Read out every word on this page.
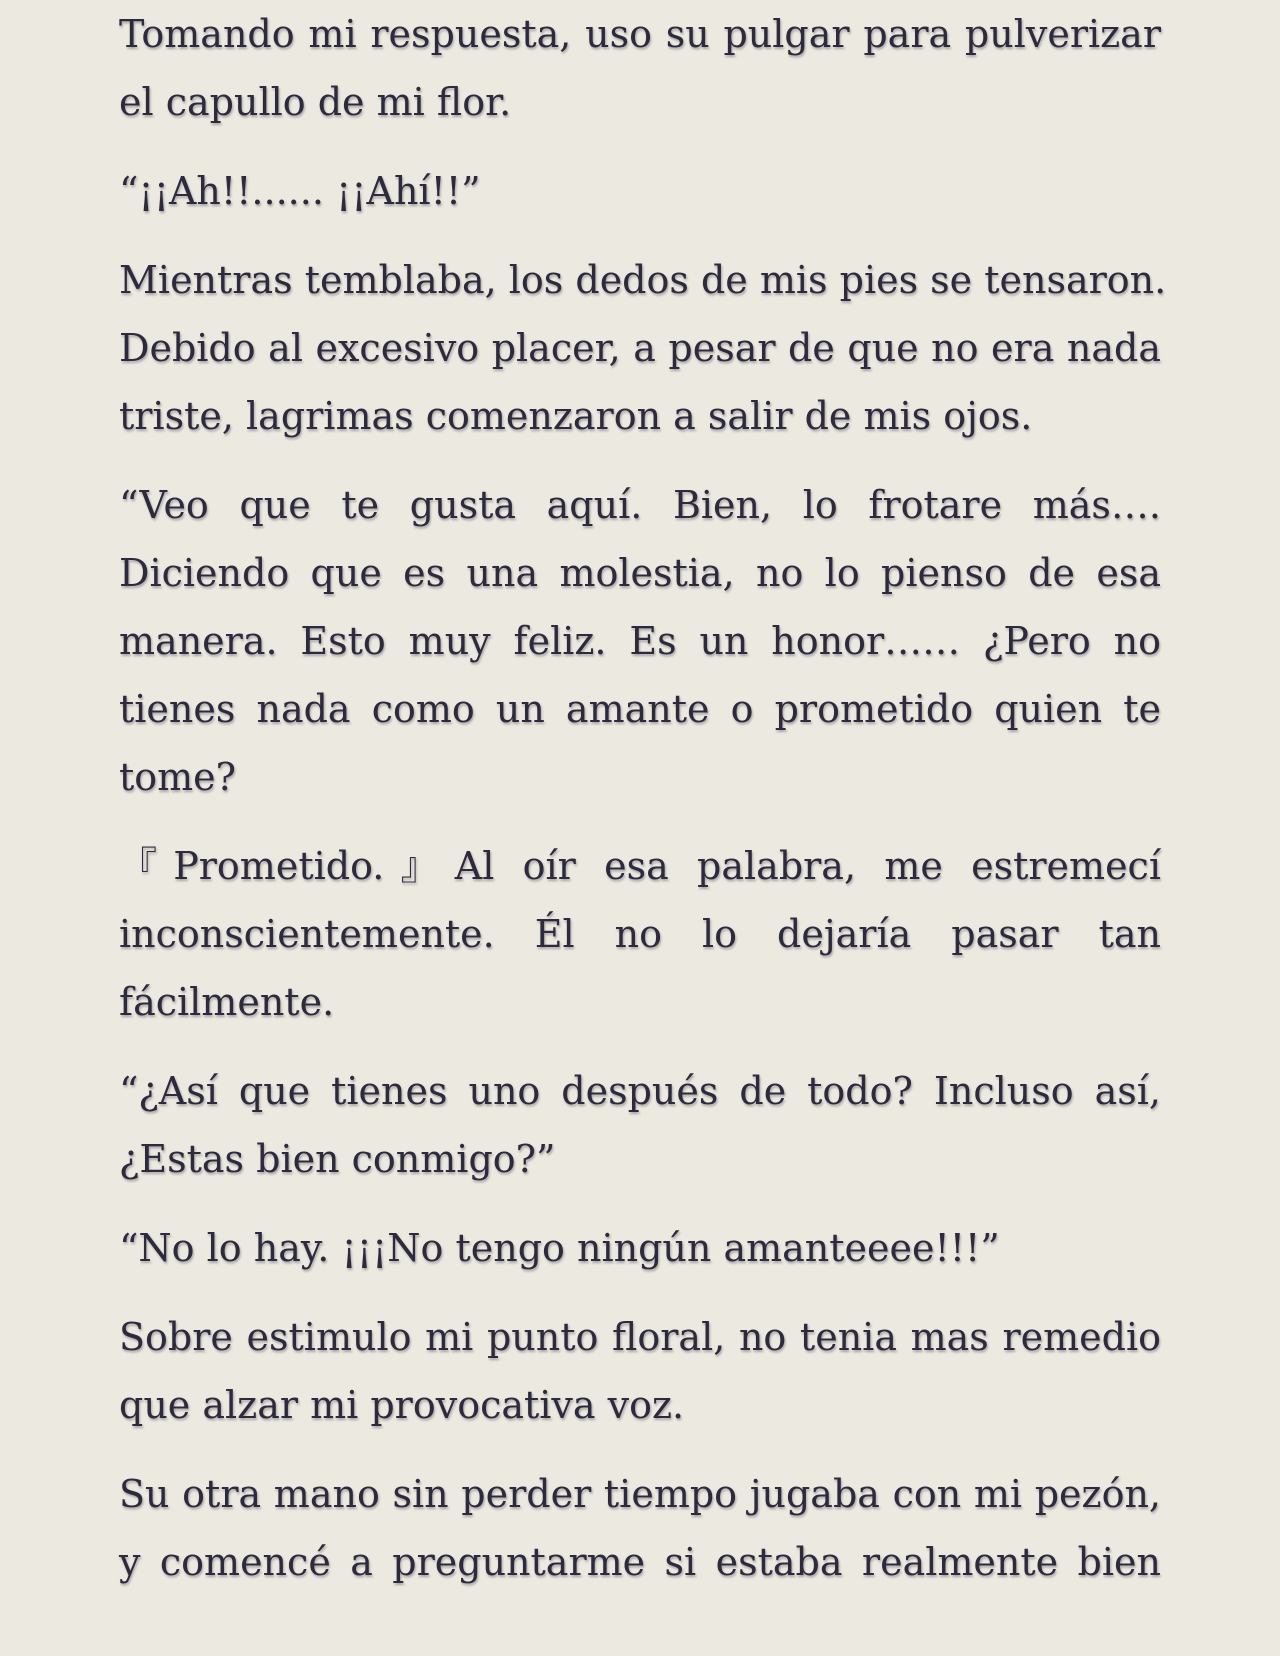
Tomando mi respuesta, uso su pulgar para pulverizar
el capullo de mi flor.
“¡¡Ah!!...... ¡¡Ahí!!”
Mientras temblaba, los dedos de mis pies se tensaron.
Debido al excesivo placer, a pesar de que no era nada
triste, lagrimas comenzaron a salir de mis ojos.
“Veo que te gusta aquí. Bien, lo frotare más….
Diciendo que es una molestia, no lo pienso de esa
manera. Esto muy feliz. Es un honor…… ¿Pero no
tienes nada como un amante o prometido quien te
tome?
『Prometido.』Al oír esa palabra, me estremecí
inconscientemente. Él no lo dejaría pasar tan
fácilmente.
“¿Así que tienes uno después de todo? Incluso así,
¿Estas bien conmigo?”
“No lo hay. ¡¡¡No tengo ningún amanteeee!!!”
Sobre estimulo mi punto floral, no tenia mas remedio
que alzar mi provocativa voz.
Su otra mano sin perder tiempo jugaba con mi pezón,
y comencé a preguntarme si estaba realmente bien
